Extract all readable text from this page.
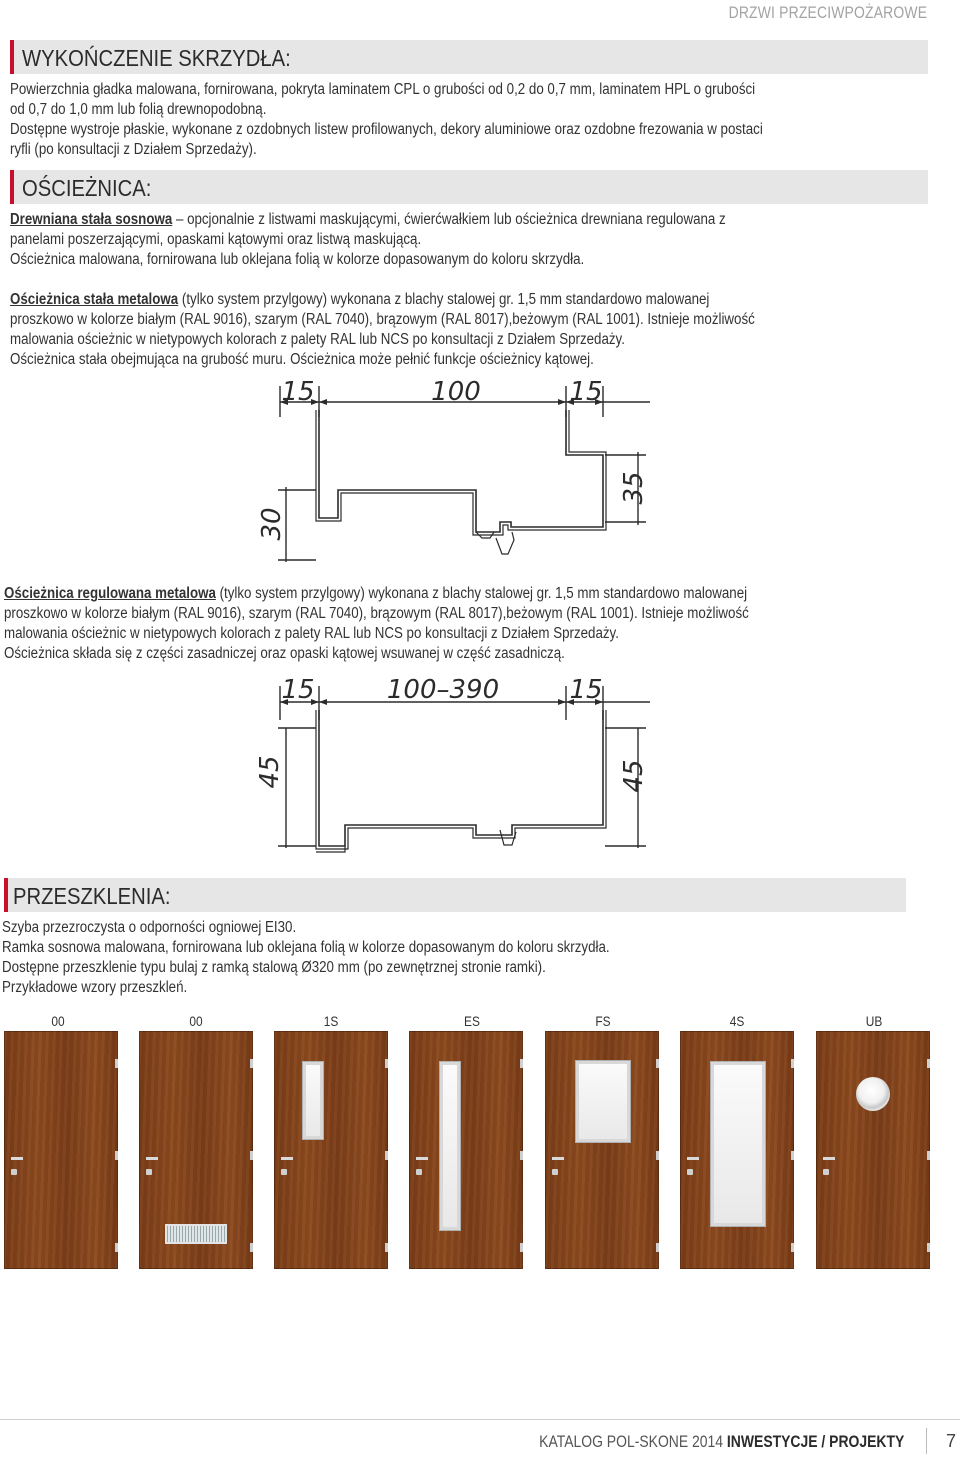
DRZWI PRZECIWPOŻAROWE
WYKOŃCZENIE SKRZYDŁA:

Powierzchnia gładka malowana, fornirowana, pokryta laminatem CPL o grubości od 0,2 do 0,7 mm, laminatem HPL o grubości

od 0,7 do 1,0 mm lub folią drewnopodobną.

Dostępne wystroje płaskie, wykonane z ozdobnych listew profilowanych, dekory aluminiowe oraz ozdobne frezowania w postaci

ryfli (po konsultacji z Działem Sprzedaży).

OŚCIEŻNICA:

Drewniana stała sosnowa – opcjonalnie z listwami maskującymi, ćwierćwałkiem lub ościeżnica drewniana regulowana z

panelami poszerzającymi, opaskami kątowymi oraz listwą maskującą.

Ościeżnica malowana, fornirowana lub oklejana folią w kolorze dopasowanym do koloru skrzydła.

Ościeżnica stała metalowa (tylko system przylgowy) wykonana z blachy stalowej gr. 1,5 mm standardowo malowanej

proszkowo w kolorze białym (RAL 9016), szarym (RAL 7040), brązowym (RAL 8017),beżowym (RAL 1001). Istnieje możliwość

malowania ościeżnic w nietypowych kolorach z palety RAL lub NCS po konsultacji z Działem Sprzedaży.

Ościeżnica stała obejmująca na grubość muru. Ościeżnica może pełnić funkcje ościeżnicy kątowej.

15	100	15
30
35

Ościeżnica regulowana metalowa (tylko system przylgowy) wykonana z blachy stalowej gr. 1,5 mm standardowo malowanej

proszkowo w kolorze białym (RAL 9016), szarym (RAL 7040), brązowym (RAL 8017),beżowym (RAL 1001). Istnieje możliwość

malowania ościeżnic w nietypowych kolorach z palety RAL lub NCS po konsultacji z Działem Sprzedaży.

Ościeżnica składa się z części zasadniczej oraz opaski kątowej wsuwanej w część zasadniczą.

15	100–390	15
45	45
PRZESZKLENIA:

Szyba przezroczysta o odporności ogniowej EI30.

Ramka sosnowa malowana, fornirowana lub oklejana folią w kolorze dopasowanym do koloru skrzydła.

Dostępne przeszklenie typu bulaj z ramką stalową Ø320 mm (po zewnętrznej stronie ramki).

Przykładowe wzory przeszkleń.

00	00	1S	ES	FS	4S	UB
KATALOG POL-SKONE 2014 INWESTYCJE / PROJEKTY 7
